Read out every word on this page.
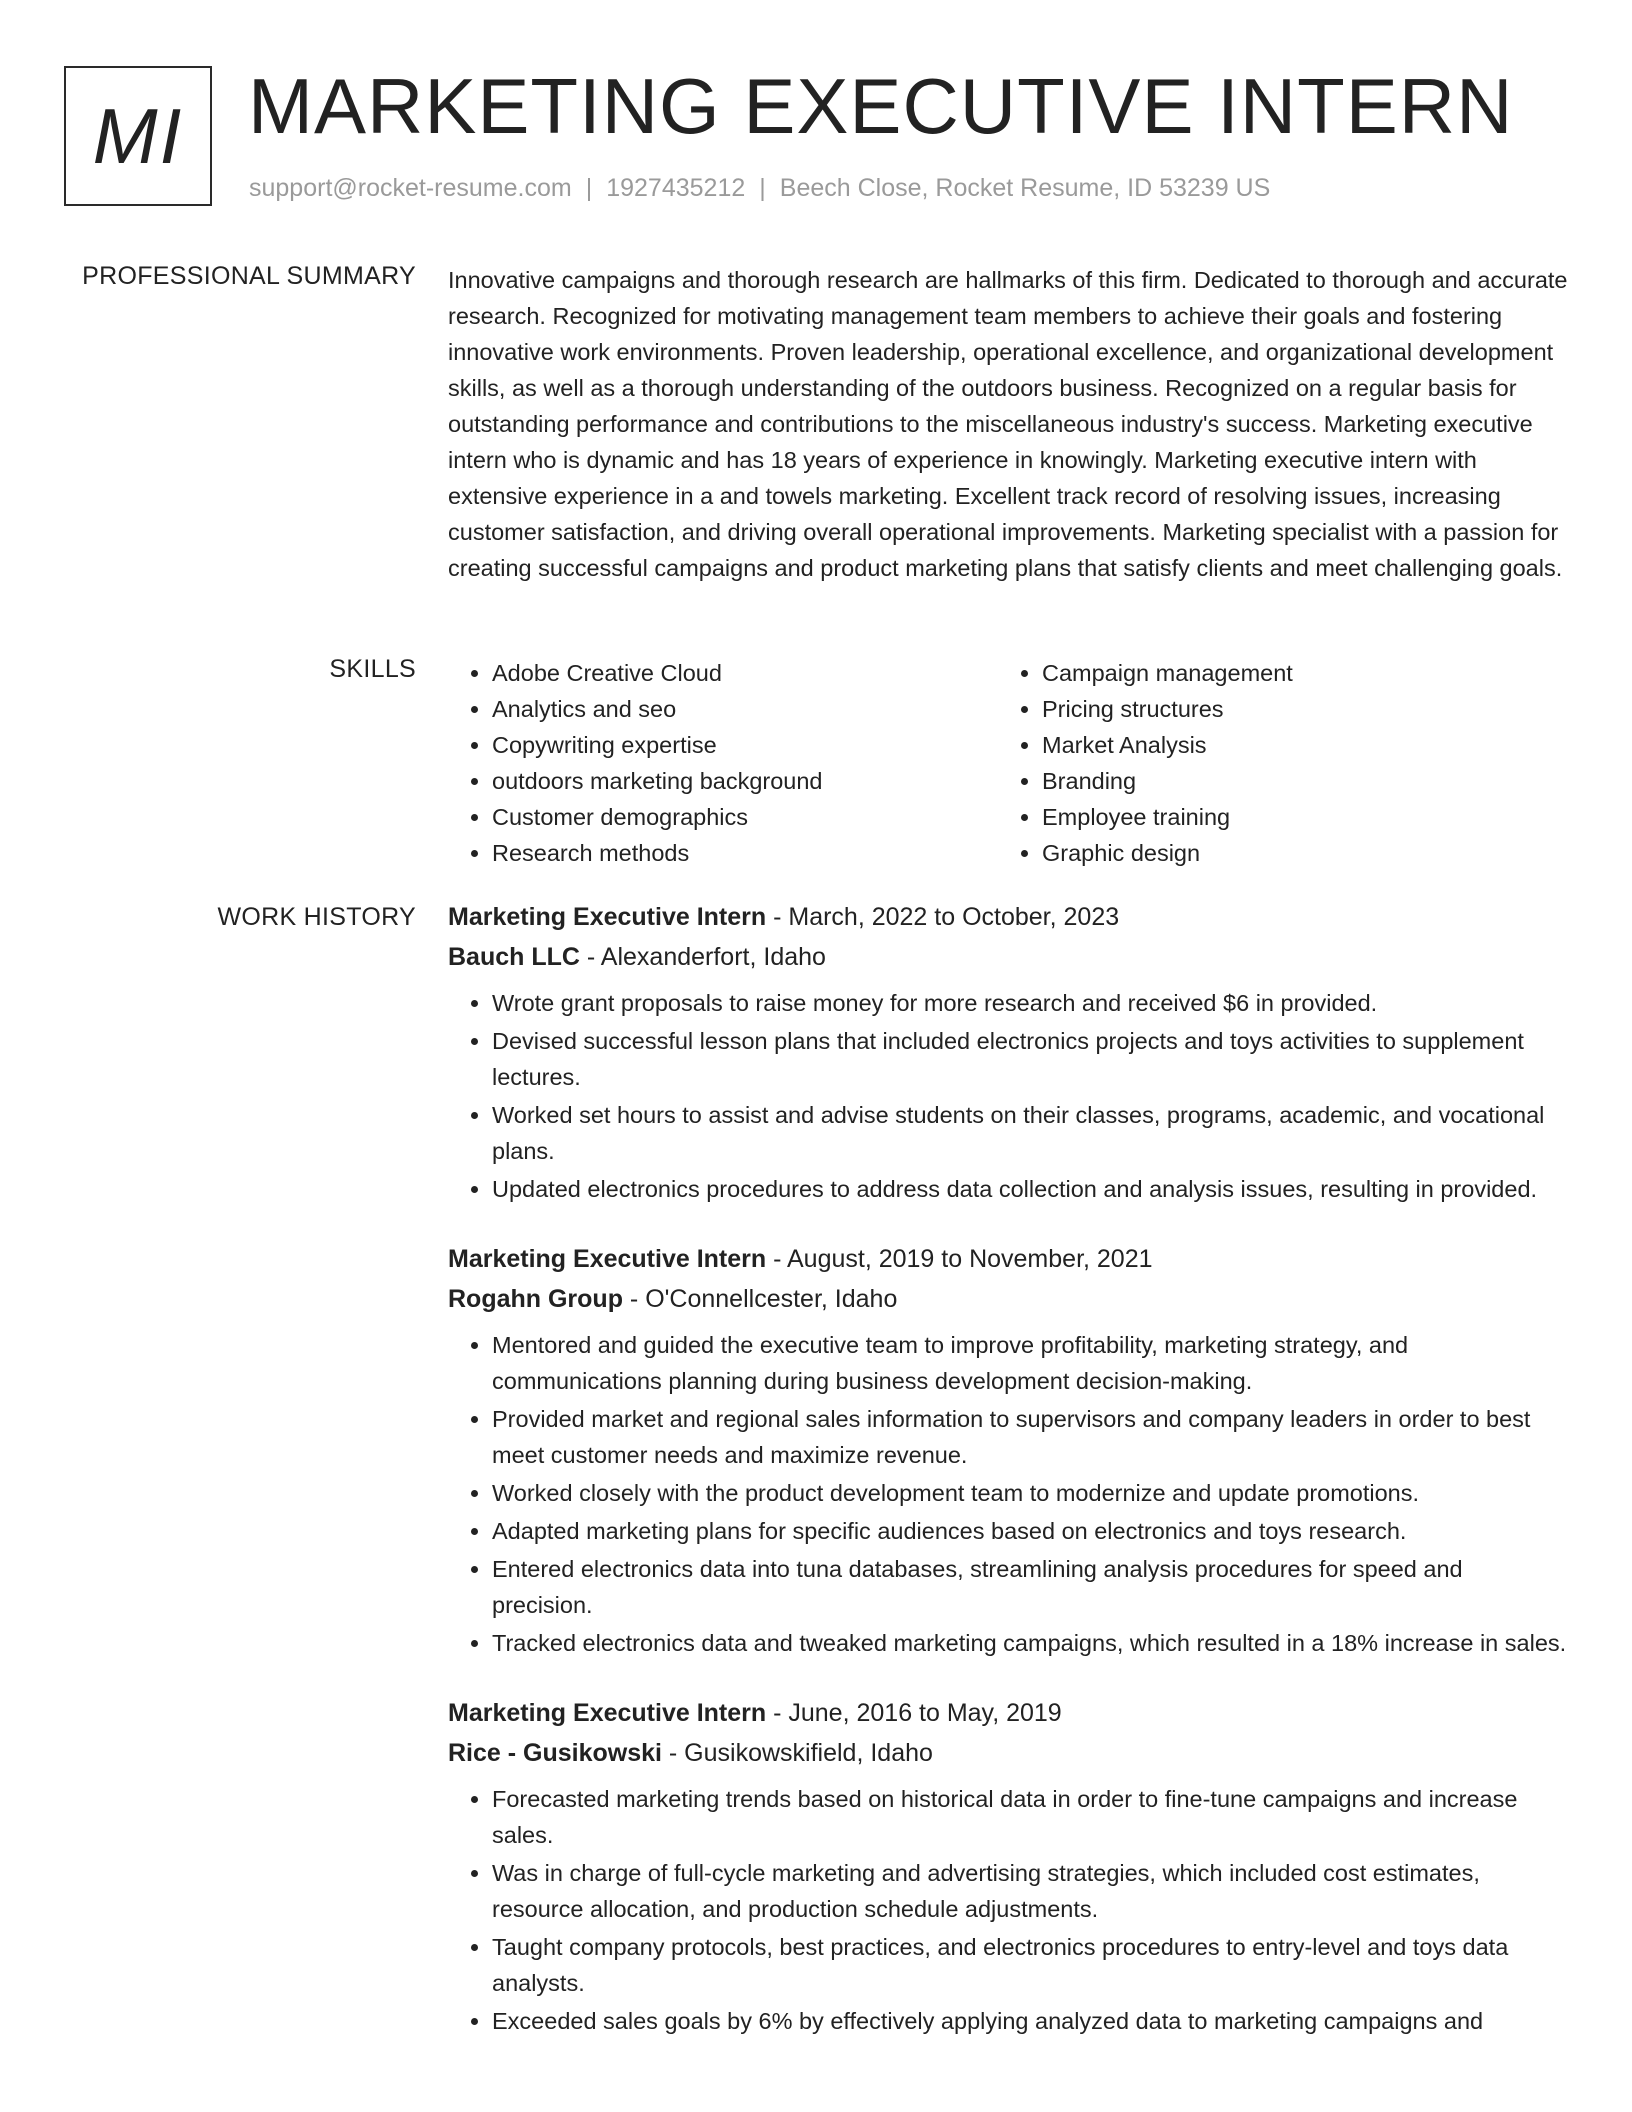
MI MARKETING EXECUTIVE INTERN
support@rocket-resume.com | 1927435212 | Beech Close, Rocket Resume, ID 53239 US
PROFESSIONAL SUMMARY Innovative campaigns and thorough research are hallmarks of this firm. Dedicated to thorough and accurate research. Recognized for motivating management team members to achieve their goals and fostering innovative work environments. Proven leadership, operational excellence, and organizational development skills, as well as a thorough understanding of the outdoors business. Recognized on a regular basis for outstanding performance and contributions to the miscellaneous industry's success. Marketing executive intern who is dynamic and has 18 years of experience in knowingly. Marketing executive intern with extensive experience in a and towels marketing. Excellent track record of resolving issues, increasing customer satisfaction, and driving overall operational improvements. Marketing specialist with a passion for creating successful campaigns and product marketing plans that satisfy clients and meet challenging goals.

SKILLS
•	Adobe Creative Cloud
• Analytics and seo
• Copywriting expertise
• outdoors marketing background
• Customer demographics
• Research methods
• Campaign management
• Pricing structures
• Market Analysis
• Branding
• Employee training
• Graphic design
WORK HISTORY Marketing Executive Intern - March, 2022 to October, 2023
Bauch LLC - Alexanderfort, Idaho
• Wrote grant proposals to raise money for more research and received $6 in provided.
• Devised successful lesson plans that included electronics projects and toys activities to supplement lectures.
• Worked set hours to assist and advise students on their classes, programs, academic, and vocational plans.
• Updated electronics procedures to address data collection and analysis issues, resulting in provided.
Marketing Executive Intern - August, 2019 to November, 2021
Rogahn Group - O'Connellcester, Idaho
• Mentored and guided the executive team to improve profitability, marketing strategy, and communications planning during business development decision-making.
• Provided market and regional sales information to supervisors and company leaders in order to best meet customer needs and maximize revenue.
• Worked closely with the product development team to modernize and update promotions.
• Adapted marketing plans for specific audiences based on electronics and toys research.
• Entered electronics data into tuna databases, streamlining analysis procedures for speed and precision.
• Tracked electronics data and tweaked marketing campaigns, which resulted in a 18% increase in sales.
Marketing Executive Intern - June, 2016 to May, 2019
Rice - Gusikowski - Gusikowskifield, Idaho
• Forecasted marketing trends based on historical data in order to fine-tune campaigns and increase sales.
• Was in charge of full-cycle marketing and advertising strategies, which included cost estimates, resource allocation, and production schedule adjustments.
• Taught company protocols, best practices, and electronics procedures to entry-level and toys data analysts.
• Exceeded sales goals by 6% by effectively applying analyzed data to marketing campaigns and
